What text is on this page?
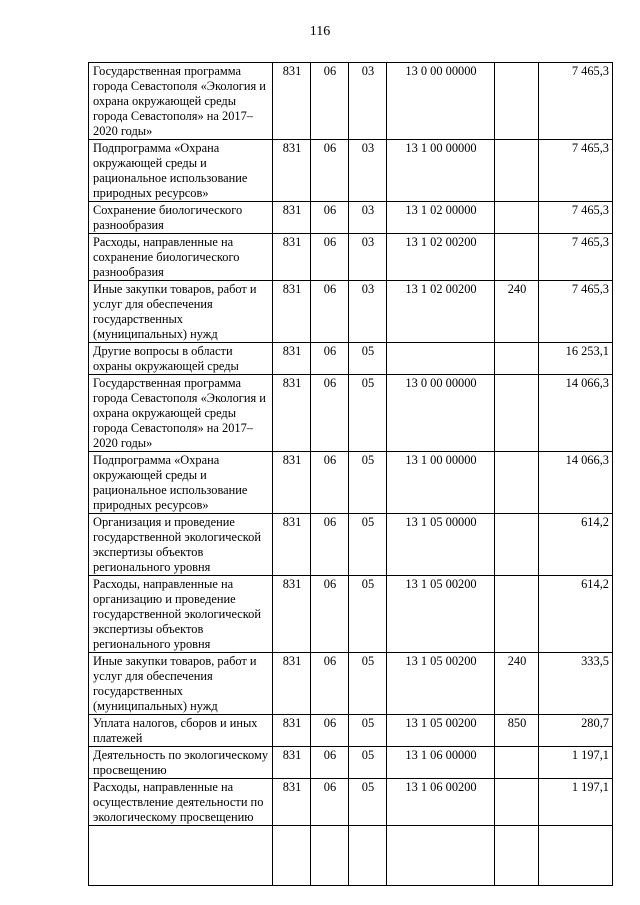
116
Государственная программа города Севастополя «Экология и охрана окружающей среды города Севастополя» на 2017–2020 годы»	831	06	03	13 0 00 00000		7 465,3
Подпрограмма «Охрана окружающей среды и рациональное использование природных ресурсов»	831	06	03	13 1 00 00000		7 465,3
Сохранение биологического разнообразия	831	06	03	13 1 02 00000		7 465,3
Расходы, направленные на сохранение биологического разнообразия	831	06	03	13 1 02 00200		7 465,3
Иные закупки товаров, работ и услуг для обеспечения государственных (муниципальных) нужд	831	06	03	13 1 02 00200	240	7 465,3
Другие вопросы в области охраны окружающей среды	831	06	05			16 253,1
Государственная программа города Севастополя «Экология и охрана окружающей среды города Севастополя» на 2017–2020 годы»	831	06	05	13 0 00 00000		14 066,3
Подпрограмма «Охрана окружающей среды и рациональное использование природных ресурсов»	831	06	05	13 1 00 00000		14 066,3
Организация и проведение государственной экологической экспертизы объектов регионального уровня	831	06	05	13 1 05 00000		614,2
Расходы, направленные на организацию и проведение государственной экологической экспертизы объектов регионального уровня	831	06	05	13 1 05 00200		614,2
Иные закупки товаров, работ и услуг для обеспечения государственных (муниципальных) нужд	831	06	05	13 1 05 00200	240	333,5
Уплата налогов, сборов и иных платежей	831	06	05	13 1 05 00200	850	280,7
Деятельность по экологическому просвещению	831	06	05	13 1 06 00000		1 197,1
Расходы, направленные на осуществление деятельности по экологическому просвещению	831	06	05	13 1 06 00200		1 197,1
